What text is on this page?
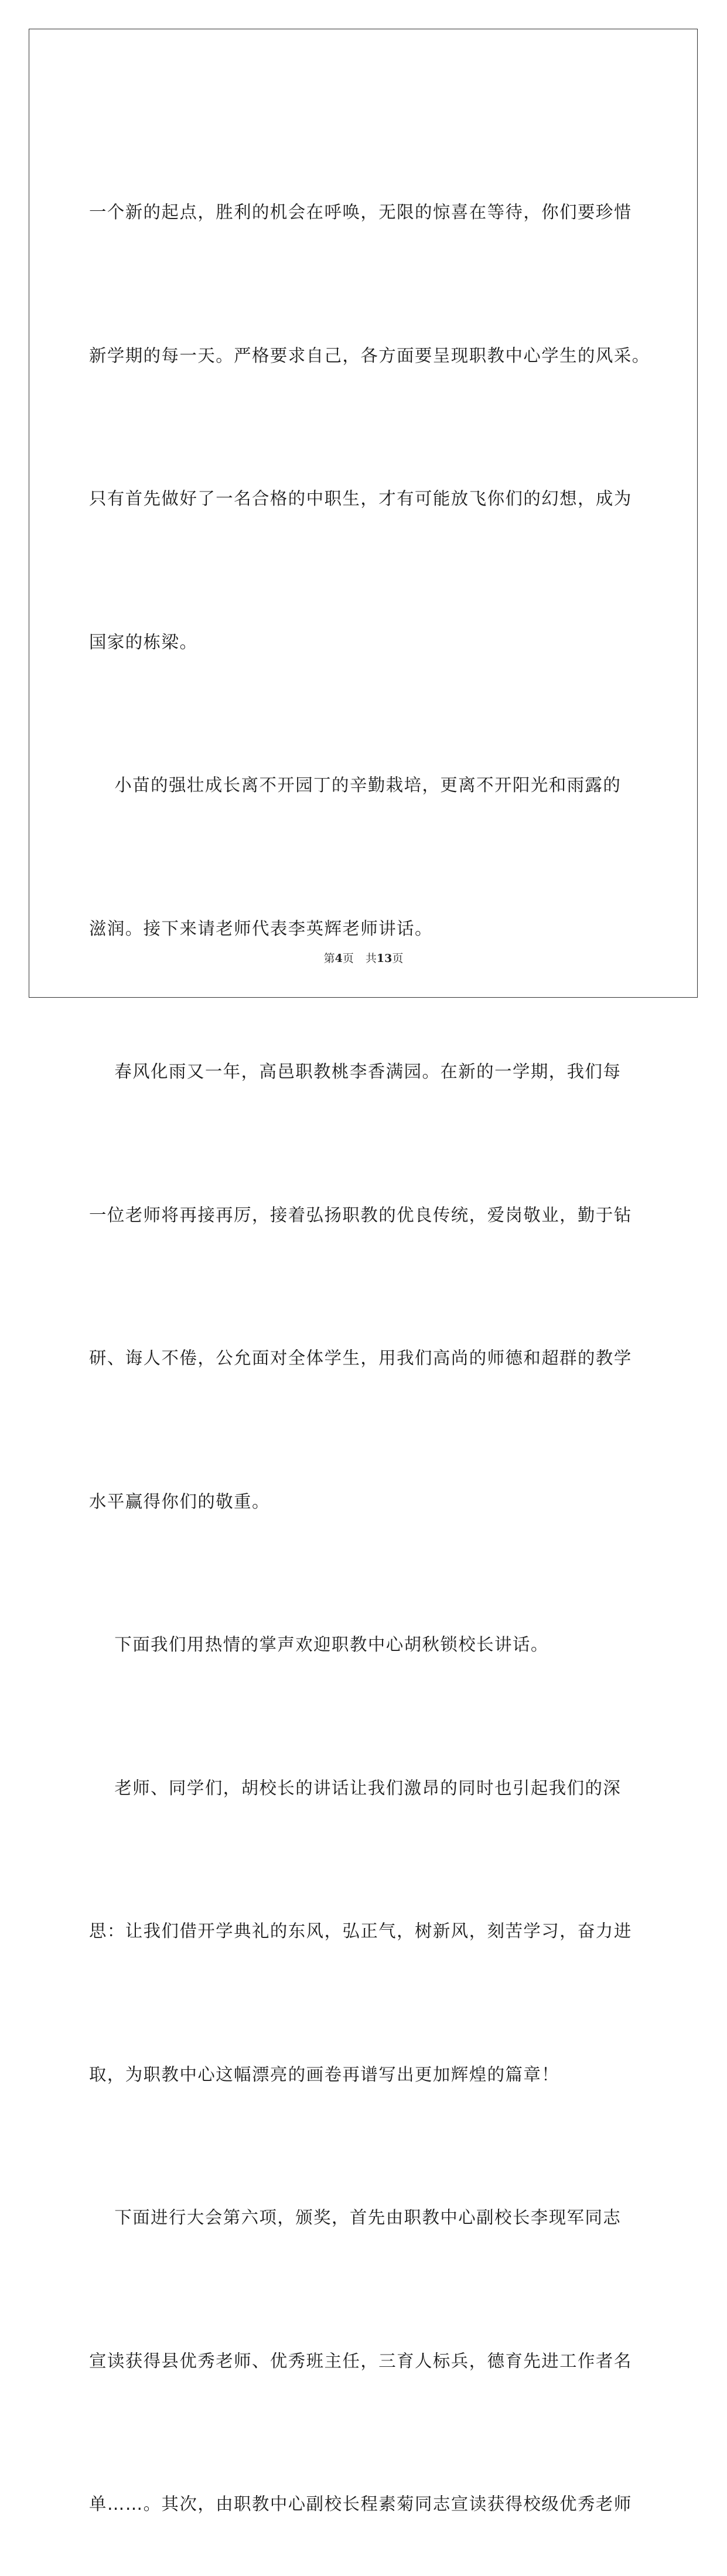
一个新的起点，胜利的机会在呼唤，无限的惊喜在等待，你们要珍惜

新学期的每一天。严格要求自己，各方面要呈现职教中心学生的风采。

只有首先做好了一名合格的中职生，才有可能放飞你们的幻想，成为

国家的栋梁。

小苗的强壮成长离不开园丁的辛勤栽培，更离不开阳光和雨露的

滋润。接下来请老师代表李英辉老师讲话。

春风化雨又一年，高邑职教桃李香满园。在新的一学期，我们每

一位老师将再接再厉，接着弘扬职教的优良传统，爱岗敬业，勤于钻

研、诲人不倦，公允面对全体学生，用我们高尚的师德和超群的教学

水平赢得你们的敬重。

下面我们用热情的掌声欢迎职教中心胡秋锁校长讲话。

老师、同学们，胡校长的讲话让我们激昂的同时也引起我们的深

思：让我们借开学典礼的东风，弘正气，树新风，刻苦学习，奋力进

取，为职教中心这幅漂亮的画卷再谱写出更加辉煌的篇章！

下面进行大会第六项，颁奖，首先由职教中心副校长李现军同志

宣读获得县优秀老师、优秀班主任，三育人标兵，德育先进工作者名

单……。其次，由职教中心副校长程素菊同志宣读获得校级优秀老师

第4页 共13页
